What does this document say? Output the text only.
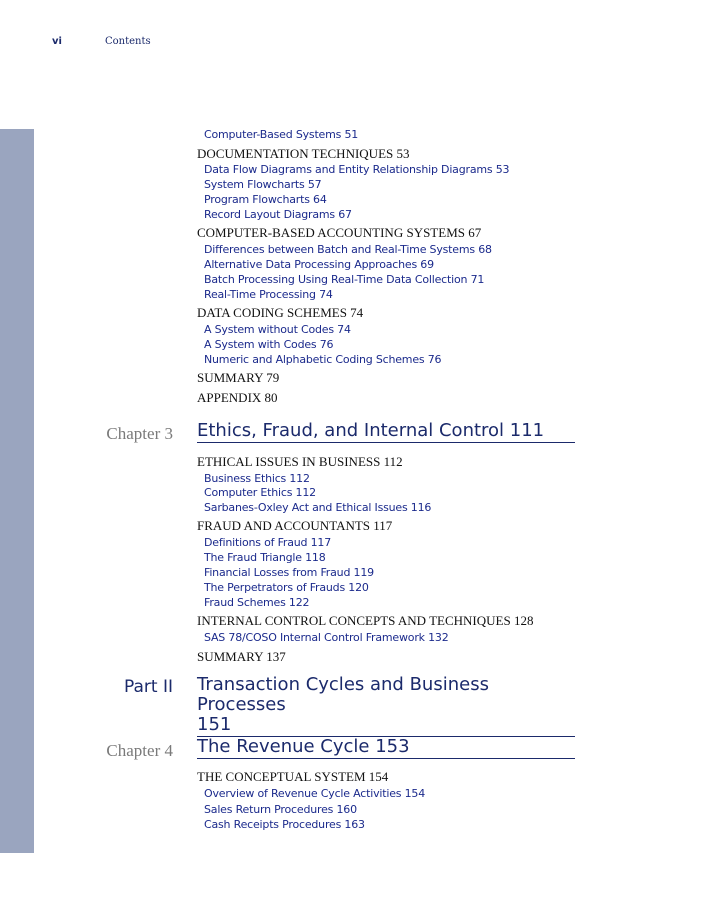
vi	Contents
Computer-Based Systems 51
DOCUMENTATION TECHNIQUES 53
Data Flow Diagrams and Entity Relationship Diagrams 53
System Flowcharts 57
Program Flowcharts 64
Record Layout Diagrams 67
COMPUTER-BASED ACCOUNTING SYSTEMS 67
Differences between Batch and Real-Time Systems 68
Alternative Data Processing Approaches 69
Batch Processing Using Real-Time Data Collection 71
Real-Time Processing 74
DATA CODING SCHEMES 74
A System without Codes 74
A System with Codes 76
Numeric and Alphabetic Coding Schemes 76
SUMMARY 79
APPENDIX 80
Chapter 3 Ethics, Fraud, and Internal Control 111
ETHICAL ISSUES IN BUSINESS 112
Business Ethics 112
Computer Ethics 112
Sarbanes-Oxley Act and Ethical Issues 116
FRAUD AND ACCOUNTANTS 117
Definitions of Fraud 117
The Fraud Triangle 118
Financial Losses from Fraud 119
The Perpetrators of Frauds 120
Fraud Schemes 122
INTERNAL CONTROL CONCEPTS AND TECHNIQUES 128
SAS 78/COSO Internal Control Framework 132
SUMMARY 137
Part II Transaction Cycles and Business Processes
151
Chapter 4 The Revenue Cycle 153
THE CONCEPTUAL SYSTEM 154
Overview of Revenue Cycle Activities 154
Sales Return Procedures 160
Cash Receipts Procedures 163
